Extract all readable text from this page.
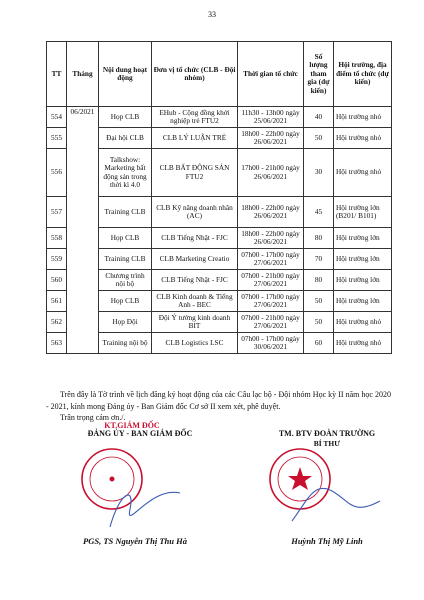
33
TT	Tháng	Nội dung hoạt động	Đơn vị tổ chức (CLB - Đội nhóm)	Thời gian tổ chức	Số lượng tham gia (dự kiến)	Hội trường, địa điểm tổ chức (dự kiến)
554	06/2021	Họp CLB	EHub - Cộng đồng khởi nghiệp trẻ FTU2	11h30 - 13h00 ngày 25/06/2021	40	Hội trường nhỏ
555		Đại hội CLB	CLB LÝ LUẬN TRẺ	18h00 - 22h00 ngày 26/06/2021	50	Hội trường nhỏ
556		Talkshow: Marketing bất động sản trong thời kì 4.0	CLB BẤT ĐỘNG SẢN FTU2	17h00 - 21h00 ngày 26/06/2021	30	Hội trường nhỏ
557		Training CLB	CLB Kỹ năng doanh nhân (AC)	18h00 - 22h00 ngày 26/06/2021	45	Hội trường lớn (B201/ B101)
558		Họp CLB	CLB Tiếng Nhật - FJC	18h00 - 22h00 ngày 26/06/2021	80	Hội trường lớn
559		Training CLB	CLB Marketing Creatio	07h00 - 17h00 ngày 27/06/2021	70	Hội trường lớn
560		Chương trình nội bộ	CLB Tiếng Nhật - FJC	07h00 - 21h00 ngày 27/06/2021	80	Hội trường lớn
561		Họp CLB	CLB Kinh doanh & Tiếng Anh - BEC	07h00 - 17h00 ngày 27/06/2021	50	Hội trường lớn
562		Họp Đội	Đội Ý tưởng kinh doanh BIT	07h00 - 21h00 ngày 27/06/2021	50	Hội trường nhỏ
563		Training nội bộ	CLB Logistics LSC	07h00 - 17h00 ngày 30/06/2021	60	Hội trường nhỏ

Trên đây là Tờ trình về lịch đăng ký hoạt động của các Câu lạc bộ - Đội nhóm Học kỳ II năm học 2020 - 2021, kính mong Đảng ủy - Ban Giám đốc Cơ sở II xem xét, phê duyệt.

Trân trọng cảm ơn./.

KT.GIÁM ĐỐC
ĐẢNG ỦY - BAN GIÁM ĐỐC
PGS, TS Nguyễn Thị Thu Hà
TM. BTV ĐOÀN TRƯỜNG
BÍ THƯ
Huỳnh Thị Mỹ Linh
